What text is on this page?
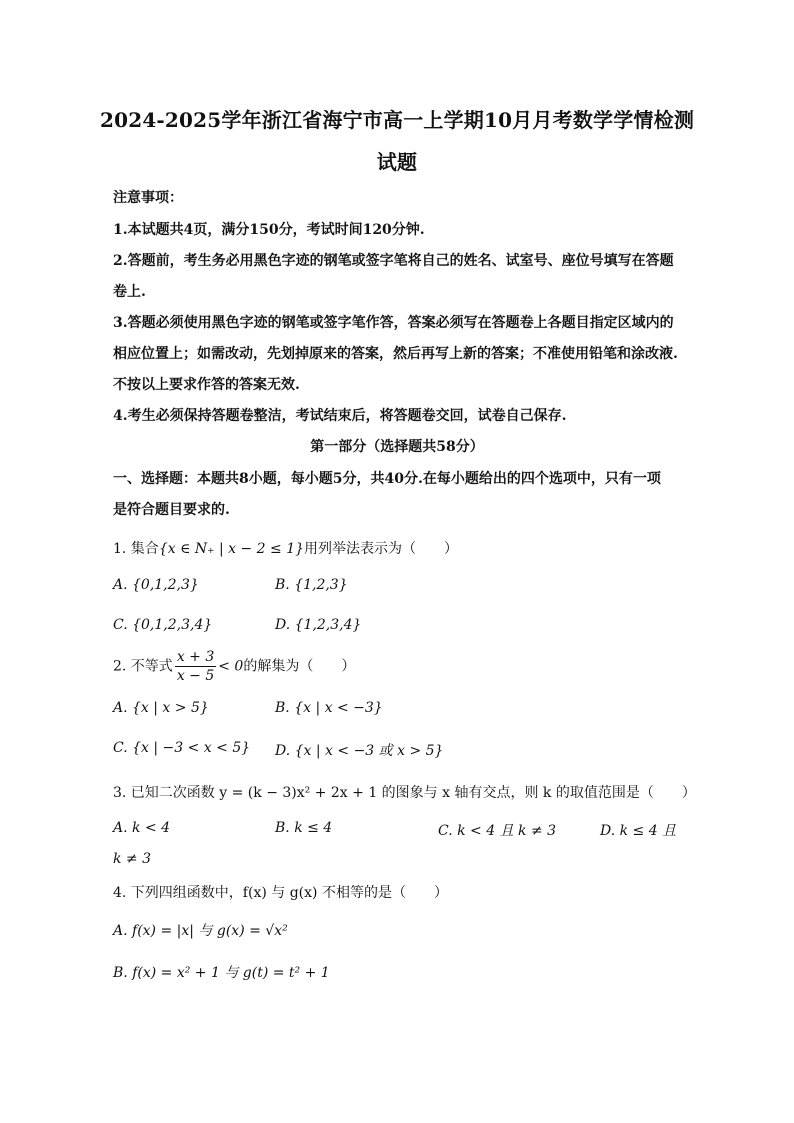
2024-2025学年浙江省海宁市高一上学期10月月考数学学情检测
试题
注意事项：
1.本试题共4页，满分150分，考试时间120分钟.
2.答题前，考生务必用黑色字迹的钢笔或签字笔将自己的姓名、试室号、座位号填写在答题
卷上.
3.答题必须使用黑色字迹的钢笔或签字笔作答，答案必须写在答题卷上各题目指定区域内的
相应位置上；如需改动，先划掉原来的答案，然后再写上新的答案；不准使用铅笔和涂改液.
不按以上要求作答的答案无效.
4.考生必须保持答题卷整洁，考试结束后，将答题卷交回，试卷自己保存.
第一部分（选择题共58分）
一、选择题：本题共8小题，每小题5分，共40分.在每小题给出的四个选项中，只有一项
是符合题目要求的.
1. 集合{x ∈ N₊ | x − 2 ≤ 1}用列举法表示为（　　）
A. {0,1,2,3}	B. {1,2,3}
C. {0,1,2,3,4}	D. {1,2,3,4}
2. 不等式 $\frac{x + 3}{x - 5} < 0$的解集为（　　）
A. {x | x > 5}	B. {x | x < −3}
C. {x | −3 < x < 5} D. {x | x < −3 或 x > 5}
3. 已知二次函数 y = (k − 3)x² + 2x + 1 的图象与 x 轴有交点，则 k 的取值范围是（　　）
A. k < 4	B. k ≤ 4	C. k < 4 且 k ≠ 3	D. k ≤ 4 且
k ≠ 3
4. 下列四组函数中，f(x) 与 g(x) 不相等的是（　　）
A. f(x) = |x| 与 g(x) = √x²
B. f(x) = x² + 1 与 g(t) = t² + 1
